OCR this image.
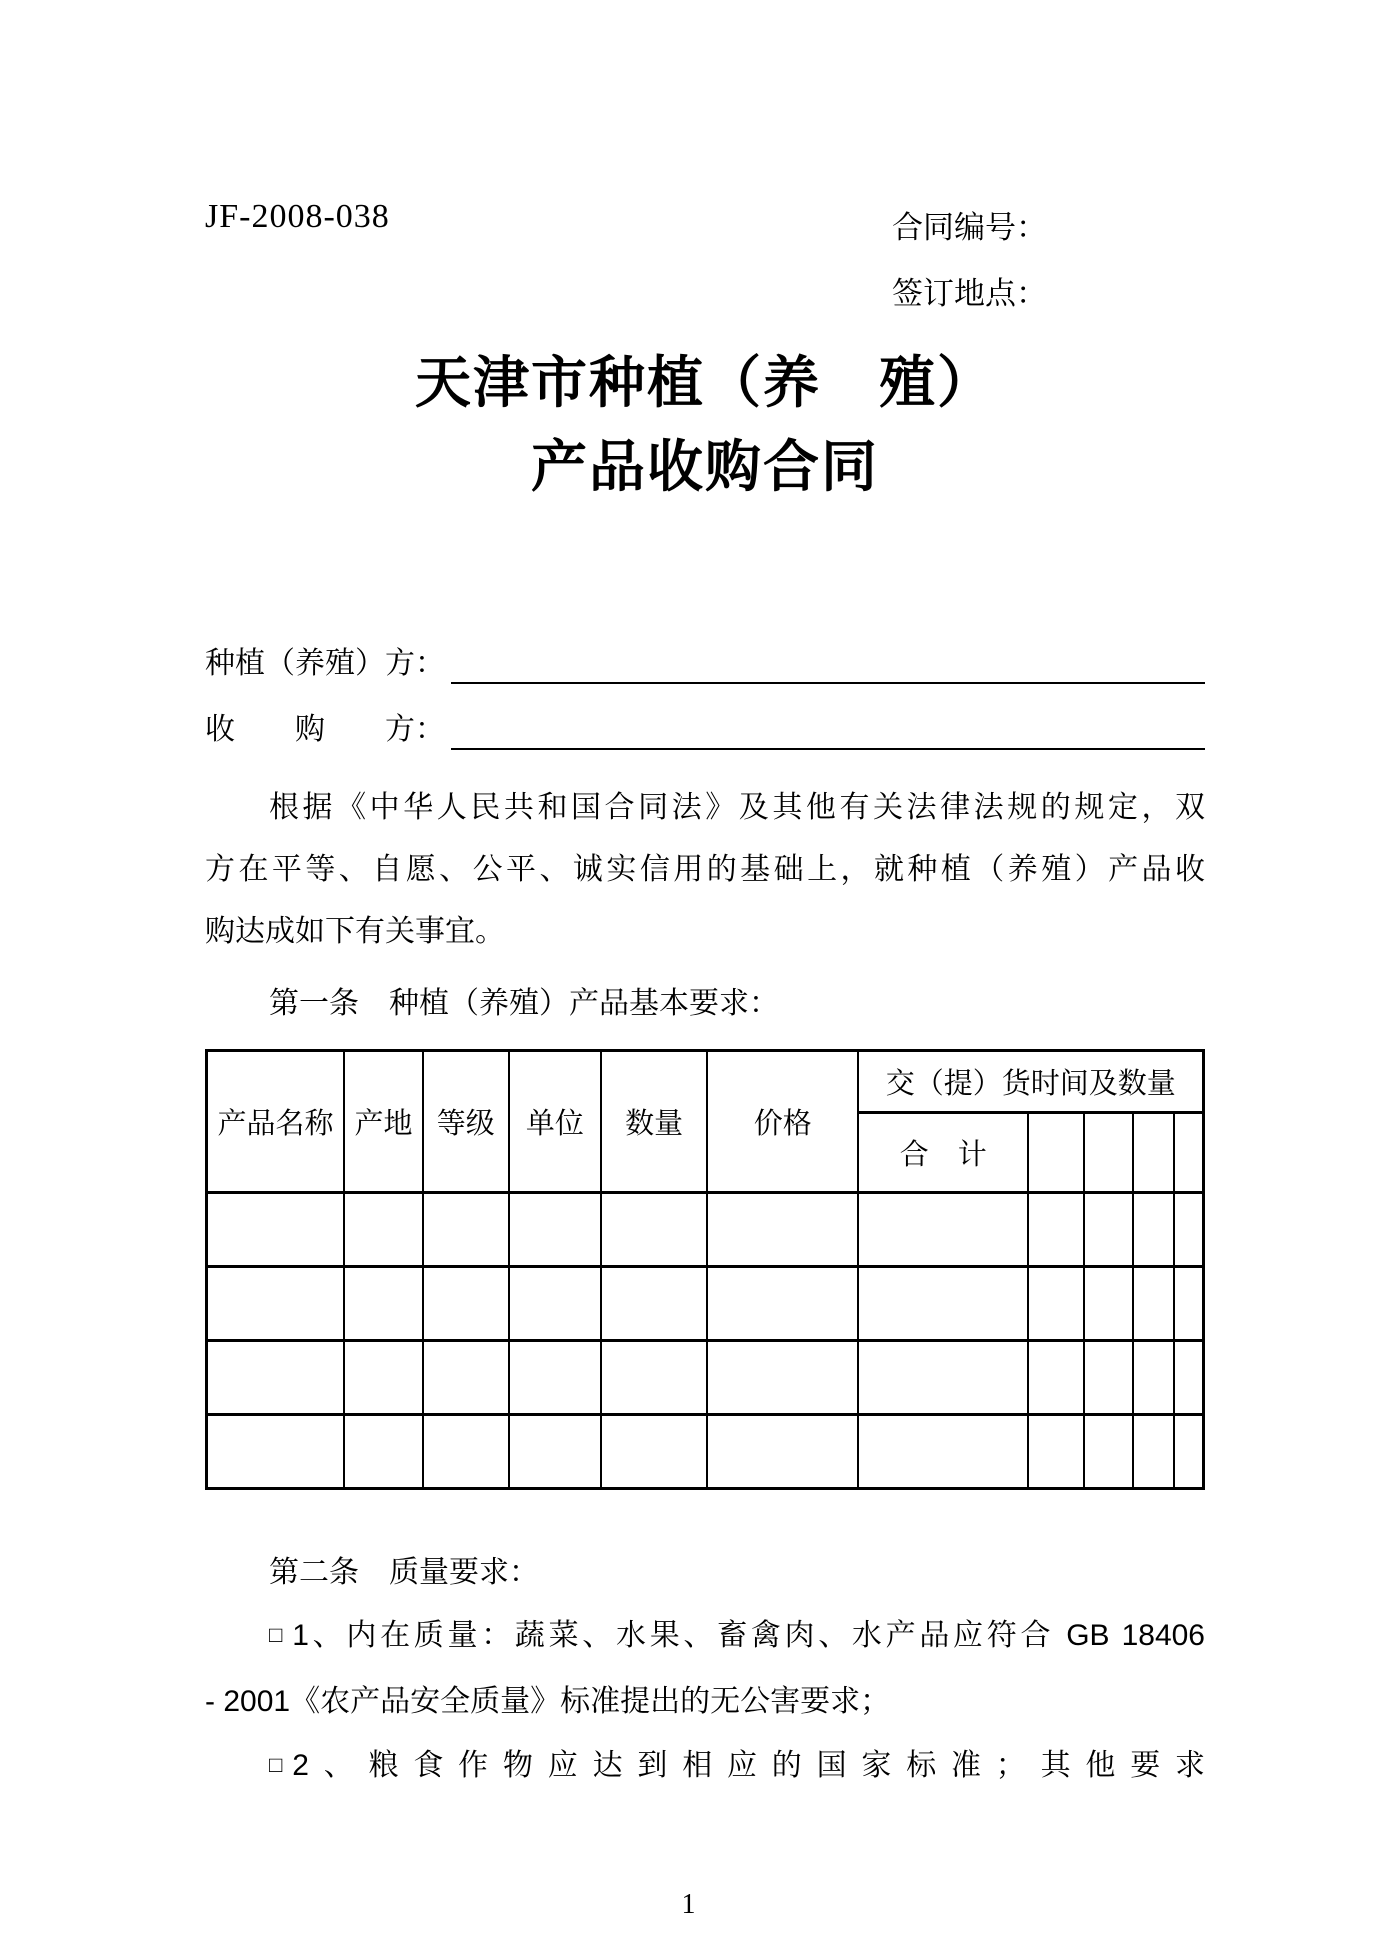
JF-2008-038	合同编号：
签订地点：
天津市种植（养　殖）
产品收购合同
种植（养殖）方：
收　　购　　方：
根据《中华人民共和国合同法》及其他有关法律法规的规定，双
方在平等、自愿、公平、诚实信用的基础上，就种植（养殖）产品收
购达成如下有关事宜。
第一条　种植（养殖）产品基本要求：
产品名称	产地	等级	单位	数量	价格	交（提）货时间及数量				
						合　计				

第二条　质量要求：
□ 1、内在质量：蔬菜、水果、畜禽肉、水产品应符合 GB 18406
- 2001《农产品安全质量》标准提出的无公害要求；
□ 2、粮食作物应达到相应的国家标准；其他要求
1
